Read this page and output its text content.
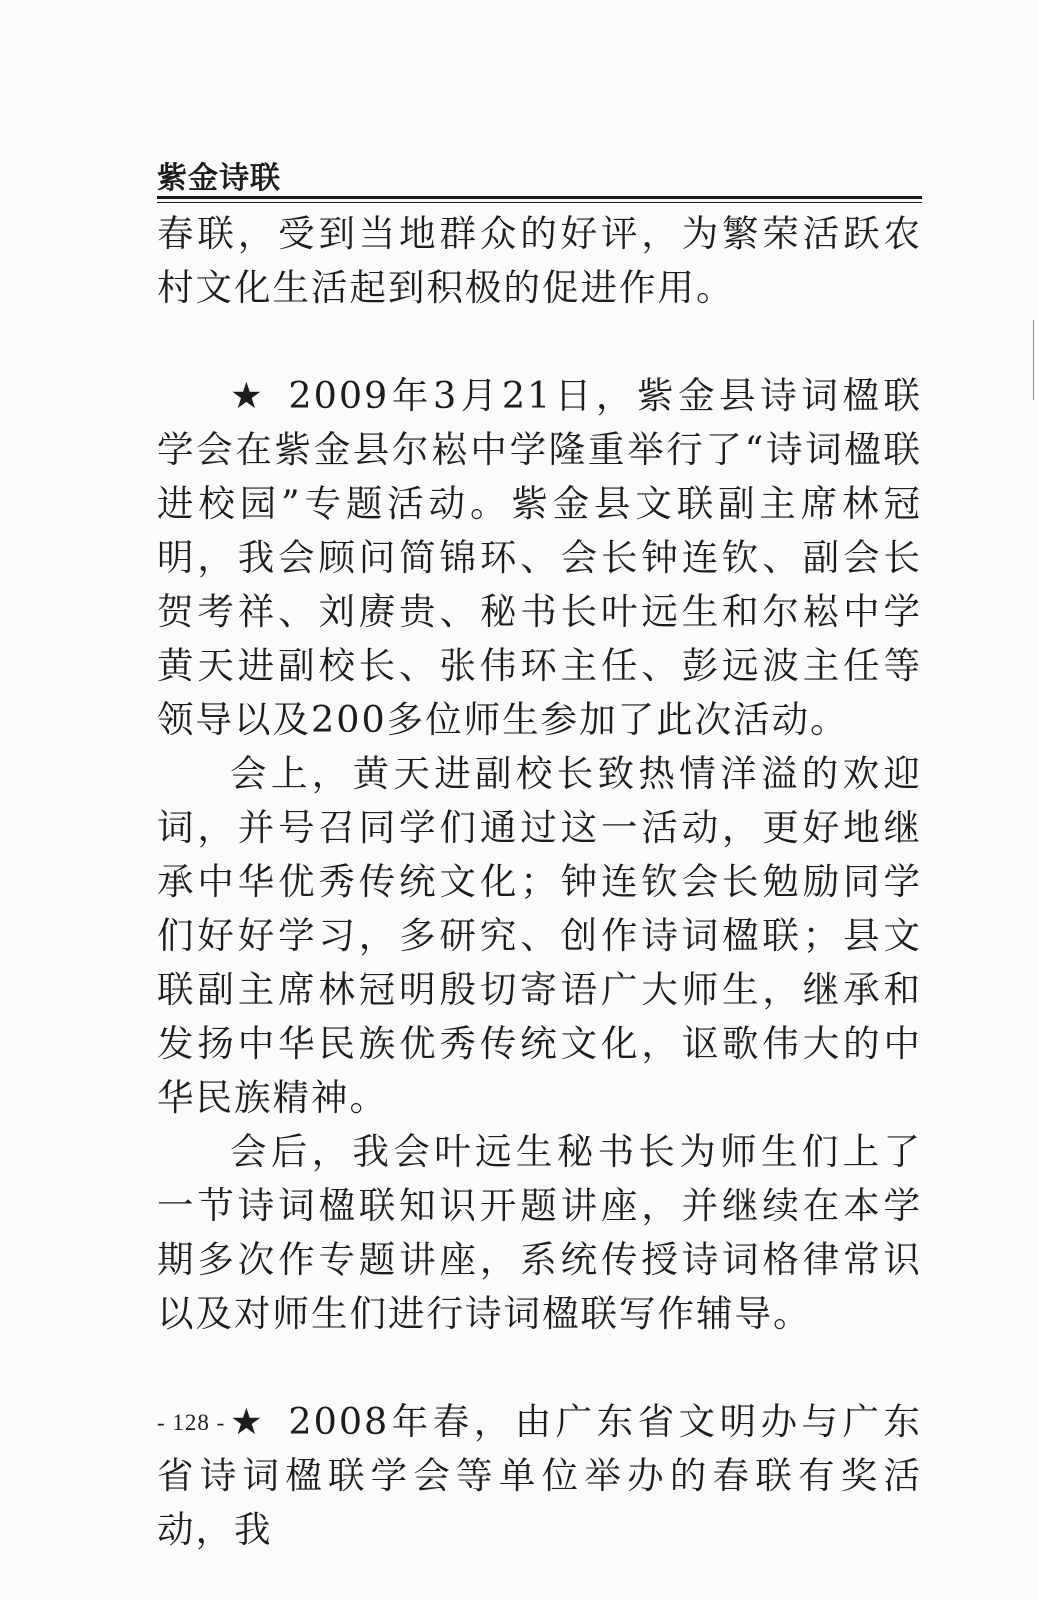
紫金诗联

春联，受到当地群众的好评，为繁荣活跃农村文化生活起到积极的促进作用。

★ 2009年3月21日，紫金县诗词楹联学会在紫金县尔崧中学隆重举行了“诗词楹联进校园”专题活动。紫金县文联副主席林冠明，我会顾问简锦环、会长钟连钦、副会长贺考祥、刘赓贵、秘书长叶远生和尔崧中学黄天进副校长、张伟环主任、彭远波主任等领导以及200多位师生参加了此次活动。

会上，黄天进副校长致热情洋溢的欢迎词，并号召同学们通过这一活动，更好地继承中华优秀传统文化；钟连钦会长勉励同学们好好学习，多研究、创作诗词楹联；县文联副主席林冠明殷切寄语广大师生，继承和发扬中华民族优秀传统文化，讴歌伟大的中华民族精神。

会后，我会叶远生秘书长为师生们上了一节诗词楹联知识开题讲座，并继续在本学期多次作专题讲座，系统传授诗词格律常识以及对师生们进行诗词楹联写作辅导。

★ 2008年春，由广东省文明办与广东省诗词楹联学会等单位举办的春联有奖活动，我

- 128 -
